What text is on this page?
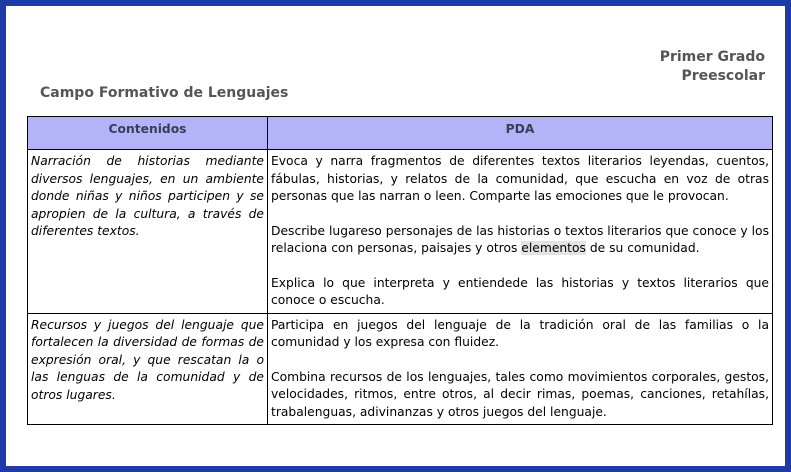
Primer Grado
Preescolar
Campo Formativo de Lenguajes
Contenidos	PDA
Narración de historias mediante diversos lenguajes, en un ambiente donde niñas y niños participen y se apropien de la cultura, a través de diferentes textos.	Evoca y narra fragmentos de diferentes textos literarios leyendas, cuentos, fábulas, historias, y relatos de la comunidad, que escucha en voz de otras personas que las narran o leen. Comparte las emociones que le provocan.

Describe lugareso personajes de las historias o textos literarios que conoce y los relaciona con personas, paisajes y otros elementos de su comunidad.

Explica lo que interpreta y entiendede las historias y textos literarios que conoce o escucha.

Recursos y juegos del lenguaje que fortalecen la diversidad de formas de expresión oral, y que rescatan la o las lenguas de la comunidad y de otros lugares.	Participa en juegos del lenguaje de la tradición oral de las familias o la comunidad y los expresa con fluidez.

Combina recursos de los lenguajes, tales como movimientos corporales, gestos, velocidades, ritmos, entre otros, al decir rimas, poemas, canciones, retahílas, trabalenguas, adivinanzas y otros juegos del lenguaje.
